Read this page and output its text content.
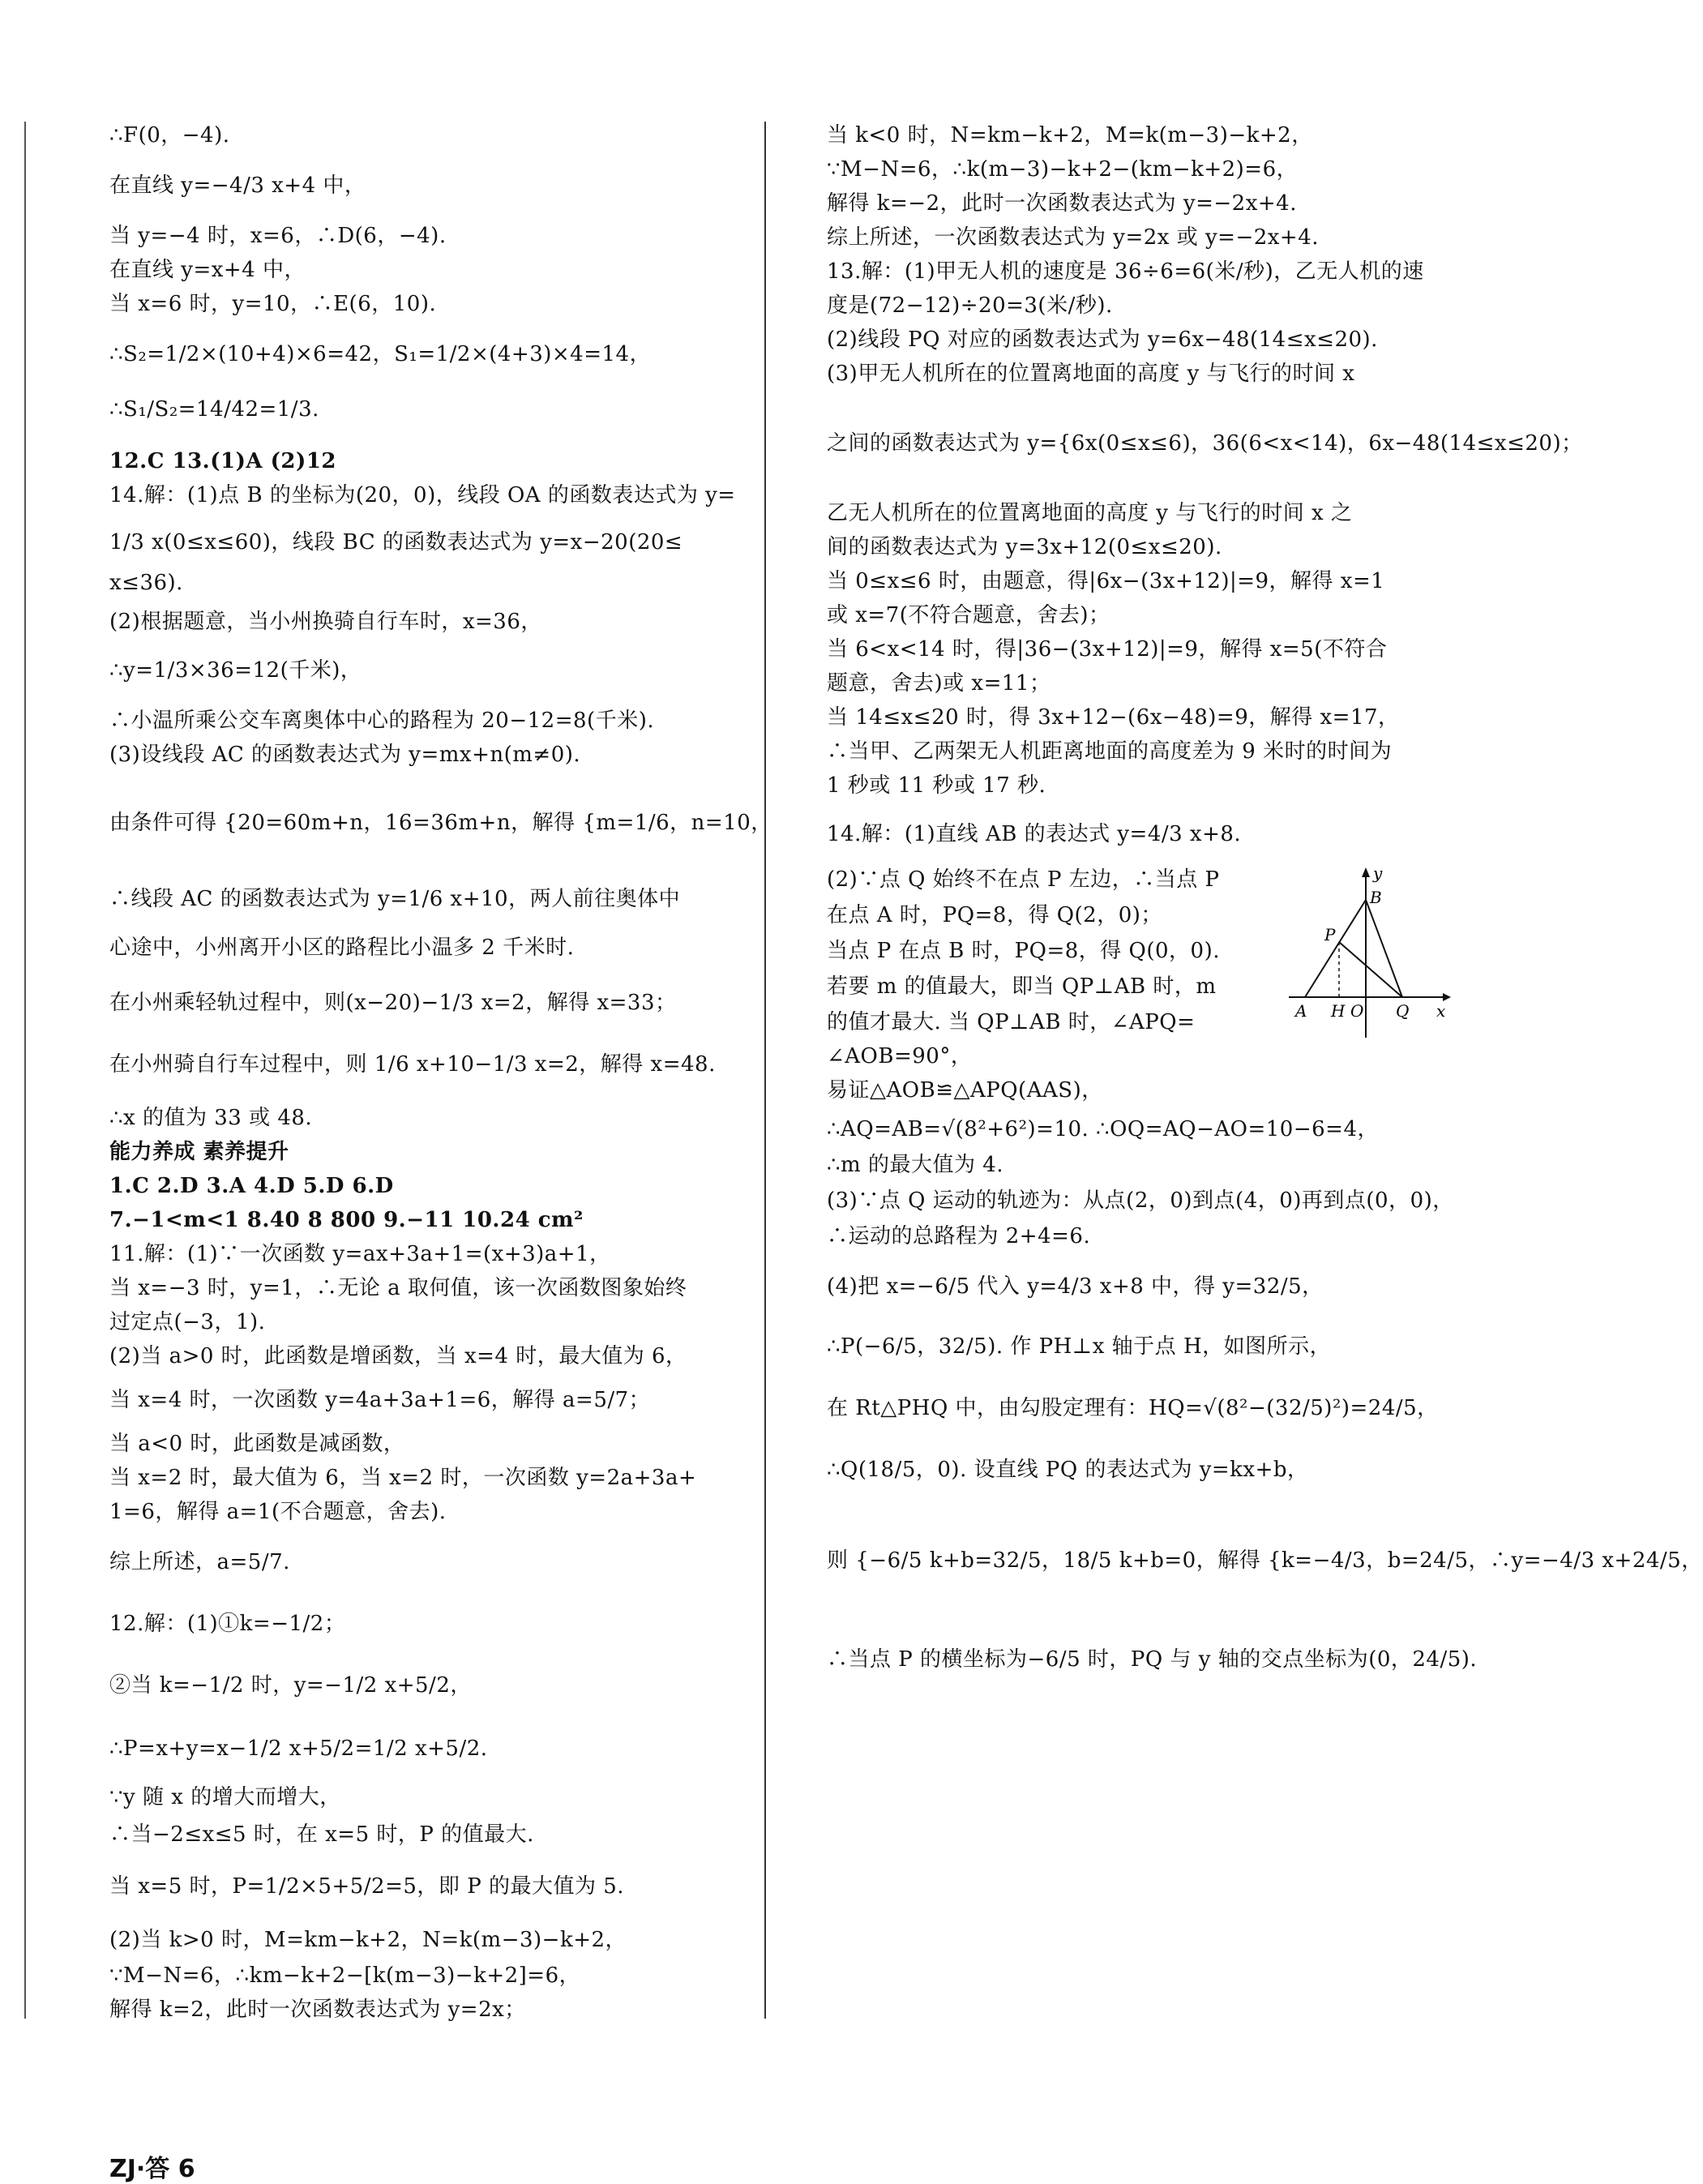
∴F(0，−4).
在直线 y=−4/3 x+4 中，
当 y=−4 时，x=6，∴D(6，−4).
在直线 y=x+4 中，
当 x=6 时，y=10，∴E(6，10).
∴S₂=1/2×(10+4)×6=42，S₁=1/2×(4+3)×4=14，
∴S₁/S₂=14/42=1/3.
12.C 13.(1)A (2)12
14.解：(1)点 B 的坐标为(20，0)，线段 OA 的函数表达式为 y=
1/3 x(0≤x≤60)，线段 BC 的函数表达式为 y=x−20(20≤
x≤36).
(2)根据题意，当小州换骑自行车时，x=36，
∴y=1/3×36=12(千米)，
∴小温所乘公交车离奥体中心的路程为 20−12=8(千米).
(3)设线段 AC 的函数表达式为 y=mx+n(m≠0).
由条件可得 {20=60m+n，16=36m+n，解得 {m=1/6，n=10，
∴线段 AC 的函数表达式为 y=1/6 x+10，两人前往奥体中
心途中，小州离开小区的路程比小温多 2 千米时.
在小州乘轻轨过程中，则(x−20)−1/3 x=2，解得 x=33；
在小州骑自行车过程中，则 1/6 x+10−1/3 x=2，解得 x=48.
∴x 的值为 33 或 48.
能力养成 素养提升
1.C 2.D 3.A 4.D 5.D 6.D
7.−1<m<1 8.40 8 800 9.−11 10.24 cm²
11.解：(1)∵一次函数 y=ax+3a+1=(x+3)a+1，
当 x=−3 时，y=1，∴无论 a 取何值，该一次函数图象始终
过定点(−3，1).
(2)当 a>0 时，此函数是增函数，当 x=4 时，最大值为 6，
当 x=4 时，一次函数 y=4a+3a+1=6，解得 a=5/7；
当 a<0 时，此函数是减函数，
当 x=2 时，最大值为 6，当 x=2 时，一次函数 y=2a+3a+
1=6，解得 a=1(不合题意，舍去).
综上所述，a=5/7.
12.解：(1)①k=−1/2；
②当 k=−1/2 时，y=−1/2 x+5/2，
∴P=x+y=x−1/2 x+5/2=1/2 x+5/2.
∵y 随 x 的增大而增大，
∴当−2≤x≤5 时，在 x=5 时，P 的值最大.
当 x=5 时，P=1/2×5+5/2=5，即 P 的最大值为 5.
(2)当 k>0 时，M=km−k+2，N=k(m−3)−k+2，
∵M−N=6，∴km−k+2−[k(m−3)−k+2]=6，
解得 k=2，此时一次函数表达式为 y=2x；
ZJ·答 6
当 k<0 时，N=km−k+2，M=k(m−3)−k+2，
∵M−N=6，∴k(m−3)−k+2−(km−k+2)=6，
解得 k=−2，此时一次函数表达式为 y=−2x+4.
综上所述，一次函数表达式为 y=2x 或 y=−2x+4.
13.解：(1)甲无人机的速度是 36÷6=6(米/秒)，乙无人机的速
度是(72−12)÷20=3(米/秒).
(2)线段 PQ 对应的函数表达式为 y=6x−48(14≤x≤20).
(3)甲无人机所在的位置离地面的高度 y 与飞行的时间 x
之间的函数表达式为 y={6x(0≤x≤6)，36(6<x<14)，6x−48(14≤x≤20)；
乙无人机所在的位置离地面的高度 y 与飞行的时间 x 之
间的函数表达式为 y=3x+12(0≤x≤20).
当 0≤x≤6 时，由题意，得|6x−(3x+12)|=9，解得 x=1
或 x=7(不符合题意，舍去)；
当 6<x<14 时，得|36−(3x+12)|=9，解得 x=5(不符合
题意，舍去)或 x=11；
当 14≤x≤20 时，得 3x+12−(6x−48)=9，解得 x=17，
∴当甲、乙两架无人机距离地面的高度差为 9 米时的时间为
1 秒或 11 秒或 17 秒.
14.解：(1)直线 AB 的表达式 y=4/3 x+8.
(2)∵点 Q 始终不在点 P 左边，∴当点 P
在点 A 时，PQ=8，得 Q(2，0)；
当点 P 在点 B 时，PQ=8，得 Q(0，0).
若要 m 的值最大，即当 QP⊥AB 时，m
的值才最大. 当 QP⊥AB 时，∠APQ=
∠AOB=90°，
易证△AOB≌△APQ(AAS)，
∴AQ=AB=√(8²+6²)=10. ∴OQ=AQ−AO=10−6=4，
∴m 的最大值为 4.
(3)∵点 Q 运动的轨迹为：从点(2，0)到点(4，0)再到点(0，0)，
∴运动的总路程为 2+4=6.
(4)把 x=−6/5 代入 y=4/3 x+8 中，得 y=32/5，
∴P(−6/5，32/5). 作 PH⊥x 轴于点 H，如图所示，
在 Rt△PHQ 中，由勾股定理有：HQ=√(8²−(32/5)²)=24/5，
∴Q(18/5，0). 设直线 PQ 的表达式为 y=kx+b，
则 {−6/5 k+b=32/5，18/5 k+b=0，解得 {k=−4/3，b=24/5，∴y=−4/3 x+24/5，
∴当点 P 的横坐标为−6/5 时，PQ 与 y 轴的交点坐标为(0，24/5).
y
B
P
A H O Q x
